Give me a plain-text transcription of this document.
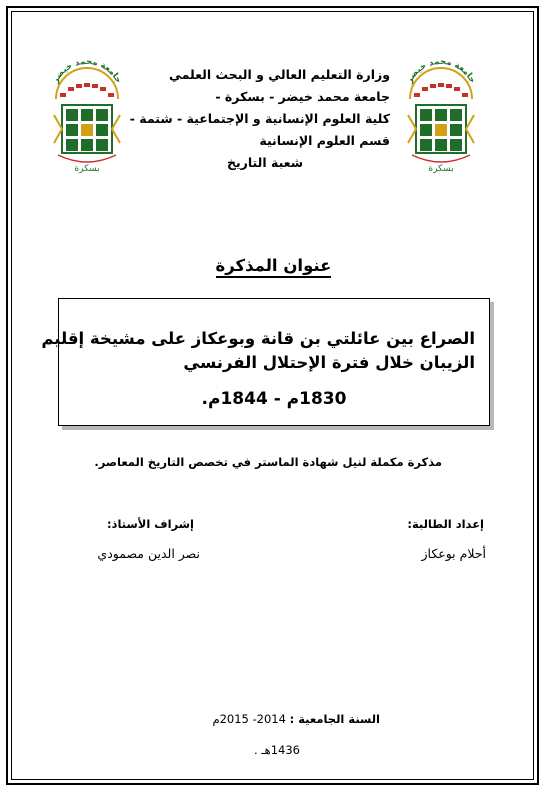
جامعة محمد خيضر
بسكرة
جامعة محمد خيضر
بسكرة
وزارة التعليم العالي و البحث العلمي
جامعة محمد خيضر - بسكرة -
كلية العلوم الإنسانية و الإجتماعية - شتمة -
قسم العلوم الإنسانية
شعبة التاريخ
عنوان المذكرة
الصراع بين عائلتي بن قانة وبوعكاز على مشيخة إقليم
الزيبان خلال فترة الإحتلال الفرنسي
1830م - 1844م.
مذكرة مكملة لنيل شهادة الماستر في تخصص التاريخ المعاصر.
إعداد الطالبة:
إشراف الأستاذ:
أحلام بوعكاز
نصر الدين مصمودي
السنة الجامعية : 2014- 2015م
1436هـ .
